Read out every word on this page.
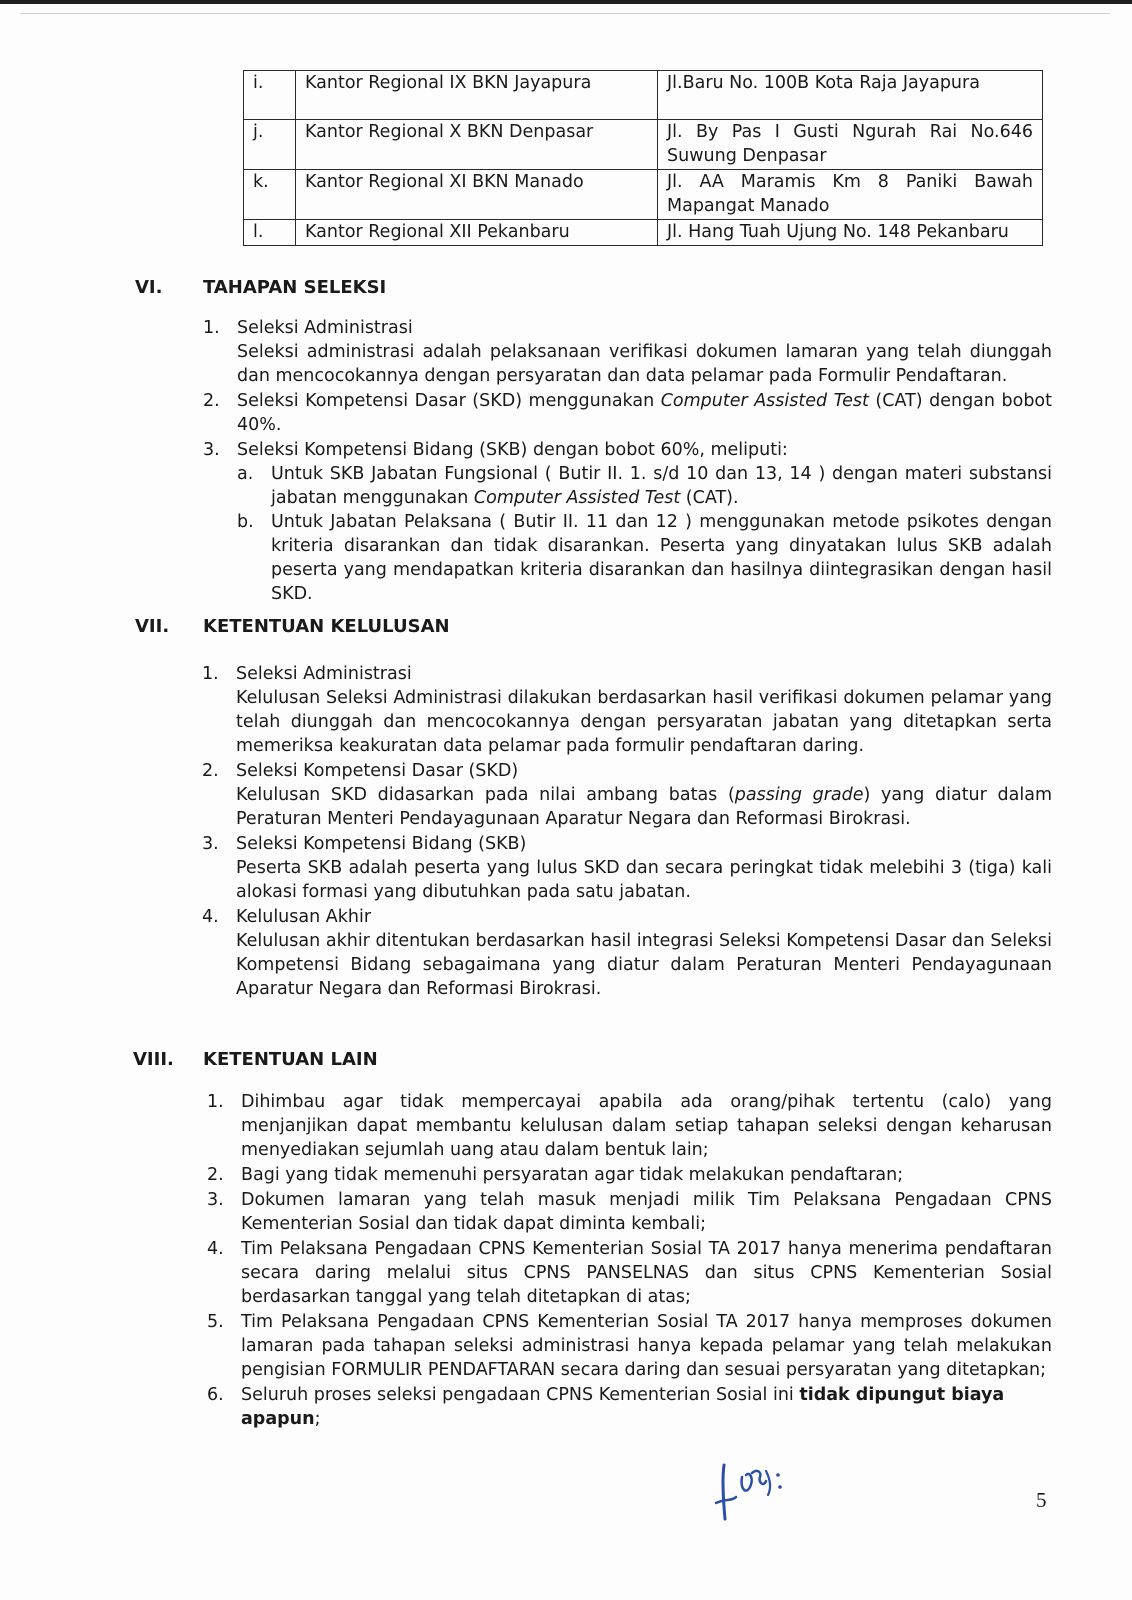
i.	Kantor Regional IX BKN Jayapura	Jl.Baru No. 100B Kota Raja Jayapura

j.	Kantor Regional X BKN Denpasar	Jl. By Pas I Gusti Ngurah Rai No.646
Suwung Denpasar

k.	Kantor Regional XI BKN Manado	Jl. AA Maramis Km 8 Paniki Bawah
Mapangat Manado

l.	Kantor Regional XII Pekanbaru	Jl. Hang Tuah Ujung No. 148 Pekanbaru
VI. TAHAPAN SELEKSI
1. Seleksi Administrasi
Seleksi administrasi adalah pelaksanaan verifikasi dokumen lamaran yang telah diunggah dan mencocokannya dengan persyaratan dan data pelamar pada Formulir Pendaftaran.
2. Seleksi Kompetensi Dasar (SKD) menggunakan Computer Assisted Test (CAT) dengan bobot 40%.
3. Seleksi Kompetensi Bidang (SKB) dengan bobot 60%, meliputi:
a. Untuk SKB Jabatan Fungsional ( Butir II. 1. s/d 10 dan 13, 14 ) dengan materi substansi jabatan menggunakan Computer Assisted Test (CAT).
b. Untuk Jabatan Pelaksana ( Butir II. 11 dan 12 ) menggunakan metode psikotes dengan kriteria disarankan dan tidak disarankan. Peserta yang dinyatakan lulus SKB adalah peserta yang mendapatkan kriteria disarankan dan hasilnya diintegrasikan dengan hasil SKD.
VII. KETENTUAN KELULUSAN
1. Seleksi Administrasi
Kelulusan Seleksi Administrasi dilakukan berdasarkan hasil verifikasi dokumen pelamar yang telah diunggah dan mencocokannya dengan persyaratan jabatan yang ditetapkan serta memeriksa keakuratan data pelamar pada formulir pendaftaran daring.
2. Seleksi Kompetensi Dasar (SKD)
Kelulusan SKD didasarkan pada nilai ambang batas (passing grade) yang diatur dalam Peraturan Menteri Pendayagunaan Aparatur Negara dan Reformasi Birokrasi.
3. Seleksi Kompetensi Bidang (SKB)
Peserta SKB adalah peserta yang lulus SKD dan secara peringkat tidak melebihi 3 (tiga) kali alokasi formasi yang dibutuhkan pada satu jabatan.
4. Kelulusan Akhir
Kelulusan akhir ditentukan berdasarkan hasil integrasi Seleksi Kompetensi Dasar dan Seleksi Kompetensi Bidang sebagaimana yang diatur dalam Peraturan Menteri Pendayagunaan Aparatur Negara dan Reformasi Birokrasi.
VIII. KETENTUAN LAIN
1. Dihimbau agar tidak mempercayai apabila ada orang/pihak tertentu (calo) yang menjanjikan dapat membantu kelulusan dalam setiap tahapan seleksi dengan keharusan menyediakan sejumlah uang atau dalam bentuk lain;
2. Bagi yang tidak memenuhi persyaratan agar tidak melakukan pendaftaran;
3. Dokumen lamaran yang telah masuk menjadi milik Tim Pelaksana Pengadaan CPNS Kementerian Sosial dan tidak dapat diminta kembali;
4. Tim Pelaksana Pengadaan CPNS Kementerian Sosial TA 2017 hanya menerima pendaftaran secara daring melalui situs CPNS PANSELNAS dan situs CPNS Kementerian Sosial berdasarkan tanggal yang telah ditetapkan di atas;
5. Tim Pelaksana Pengadaan CPNS Kementerian Sosial TA 2017 hanya memproses dokumen lamaran pada tahapan seleksi administrasi hanya kepada pelamar yang telah melakukan pengisian FORMULIR PENDAFTARAN secara daring dan sesuai persyaratan yang ditetapkan;
6. Seluruh proses seleksi pengadaan CPNS Kementerian Sosial ini tidak dipungut biaya apapun;
5
